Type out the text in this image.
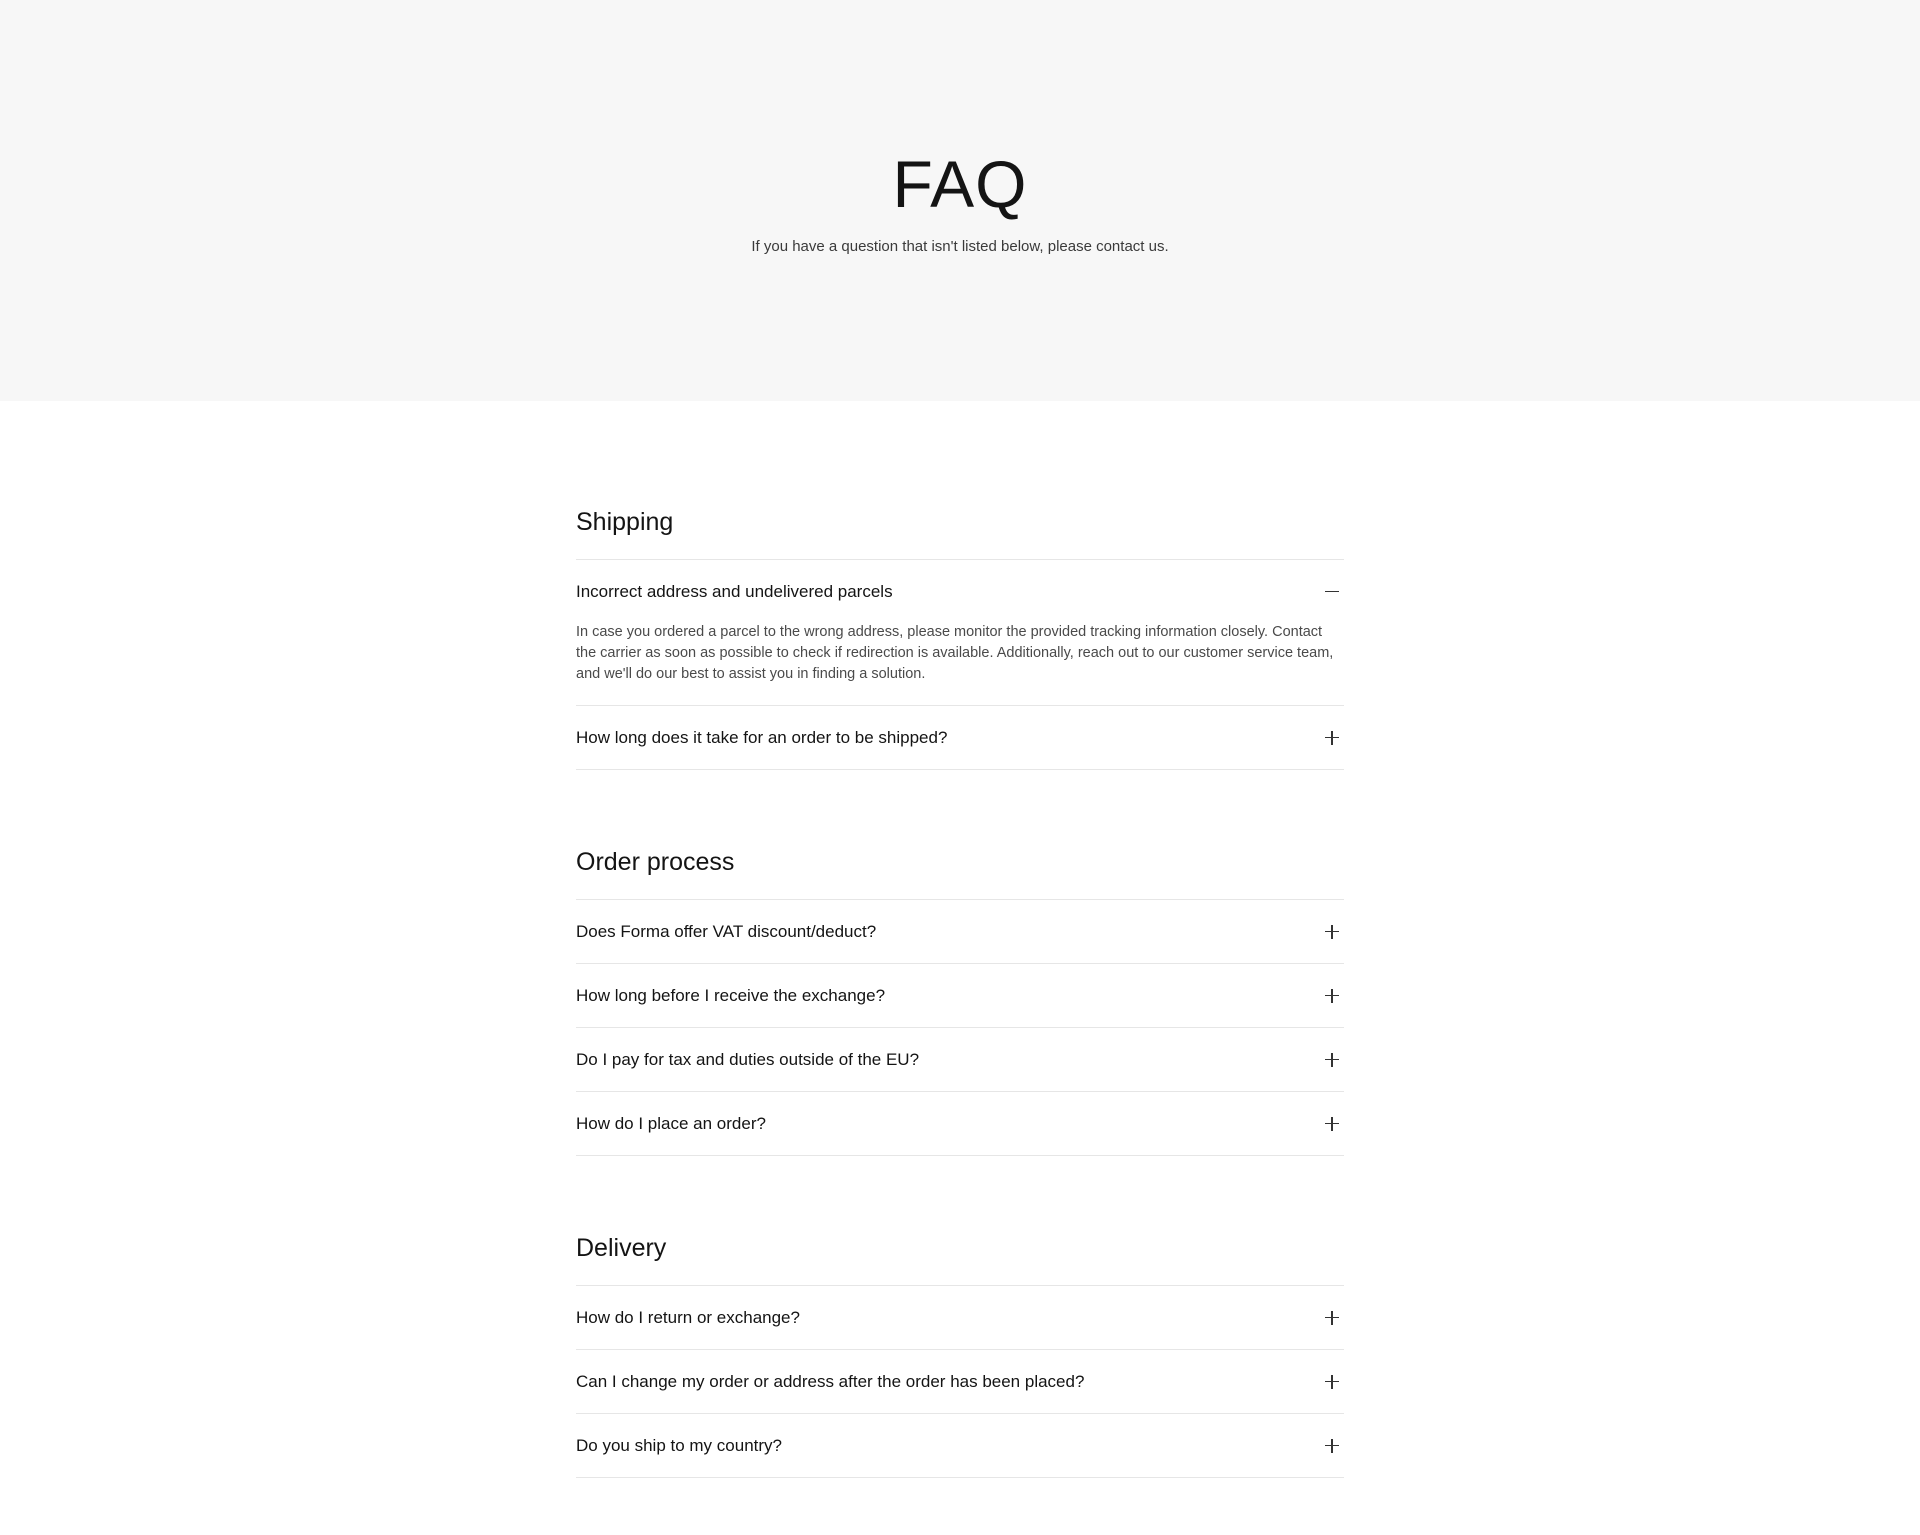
FAQ

If you have a question that isn't listed below, please contact us.

Shipping
Incorrect address and undelivered parcels
In case you ordered a parcel to the wrong address, please monitor the provided tracking information closely. Contact the carrier as soon as possible to check if redirection is available. Additionally, reach out to our customer service team, and we'll do our best to assist you in finding a solution.
How long does it take for an order to be shipped?
Order process
Does Forma offer VAT discount/deduct?
How long before I receive the exchange?
Do I pay for tax and duties outside of the EU?
How do I place an order?
Delivery
How do I return or exchange?
Can I change my order or address after the order has been placed?
Do you ship to my country?
